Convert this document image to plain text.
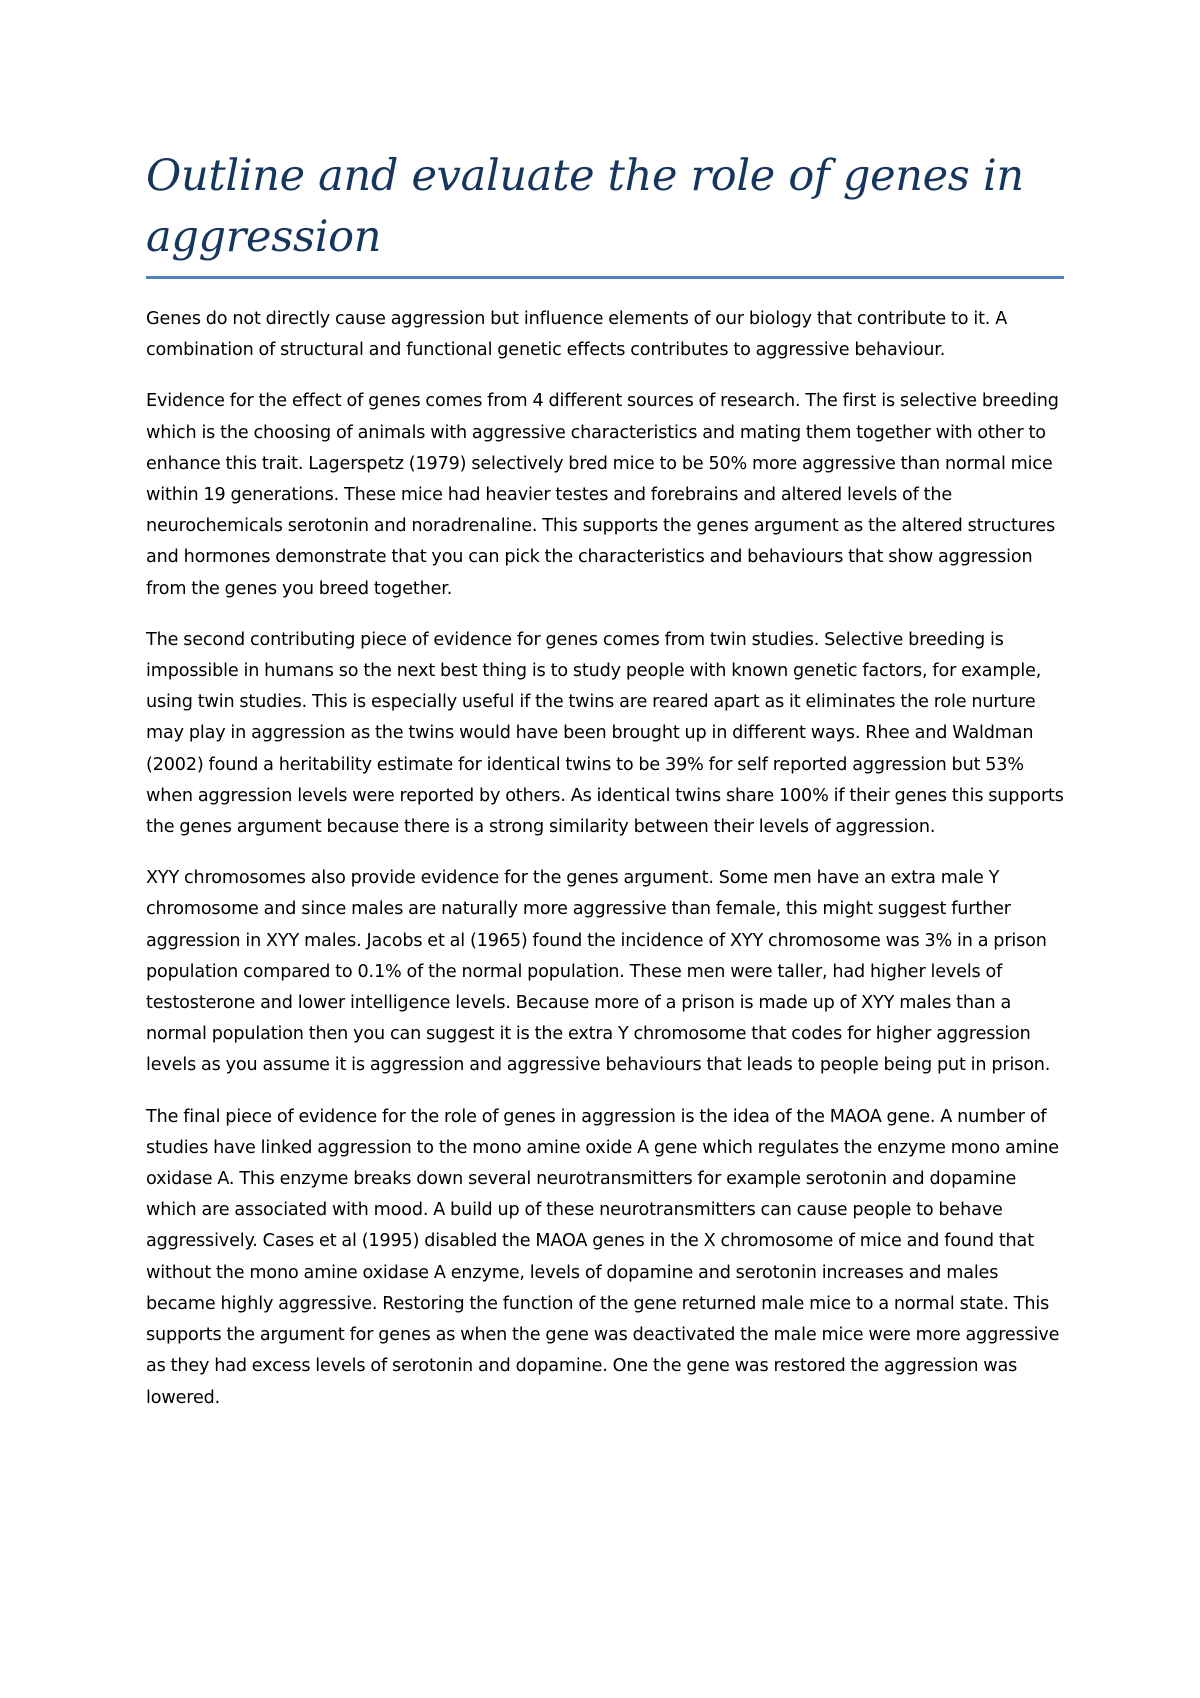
Outline and evaluate the role of genes in aggression

Genes do not directly cause aggression but influence elements of our biology that contribute to it. A combination of structural and functional genetic effects contributes to aggressive behaviour.

Evidence for the effect of genes comes from 4 different sources of research. The first is selective breeding which is the choosing of animals with aggressive characteristics and mating them together with other to enhance this trait. Lagerspetz (1979) selectively bred mice to be 50% more aggressive than normal mice within 19 generations. These mice had heavier testes and forebrains and altered levels of the neurochemicals serotonin and noradrenaline. This supports the genes argument as the altered structures and hormones demonstrate that you can pick the characteristics and behaviours that show aggression from the genes you breed together.

The second contributing piece of evidence for genes comes from twin studies. Selective breeding is impossible in humans so the next best thing is to study people with known genetic factors, for example, using twin studies. This is especially useful if the twins are reared apart as it eliminates the role nurture may play in aggression as the twins would have been brought up in different ways. Rhee and Waldman (2002) found a heritability estimate for identical twins to be 39% for self reported aggression but 53% when aggression levels were reported by others. As identical twins share 100% if their genes this supports the genes argument because there is a strong similarity between their levels of aggression.

XYY chromosomes also provide evidence for the genes argument. Some men have an extra male Y chromosome and since males are naturally more aggressive than female, this might suggest further aggression in XYY males. Jacobs et al (1965) found the incidence of XYY chromosome was 3% in a prison population compared to 0.1% of the normal population. These men were taller, had higher levels of testosterone and lower intelligence levels. Because more of a prison is made up of XYY males than a normal population then you can suggest it is the extra Y chromosome that codes for higher aggression levels as you assume it is aggression and aggressive behaviours that leads to people being put in prison.

The final piece of evidence for the role of genes in aggression is the idea of the MAOA gene. A number of studies have linked aggression to the mono amine oxide A gene which regulates the enzyme mono amine oxidase A. This enzyme breaks down several neurotransmitters for example serotonin and dopamine which are associated with mood. A build up of these neurotransmitters can cause people to behave aggressively. Cases et al (1995) disabled the MAOA genes in the X chromosome of mice and found that without the mono amine oxidase A enzyme, levels of dopamine and serotonin increases and males became highly aggressive. Restoring the function of the gene returned male mice to a normal state. This supports the argument for genes as when the gene was deactivated the male mice were more aggressive as they had excess levels of serotonin and dopamine. One the gene was restored the aggression was lowered.
